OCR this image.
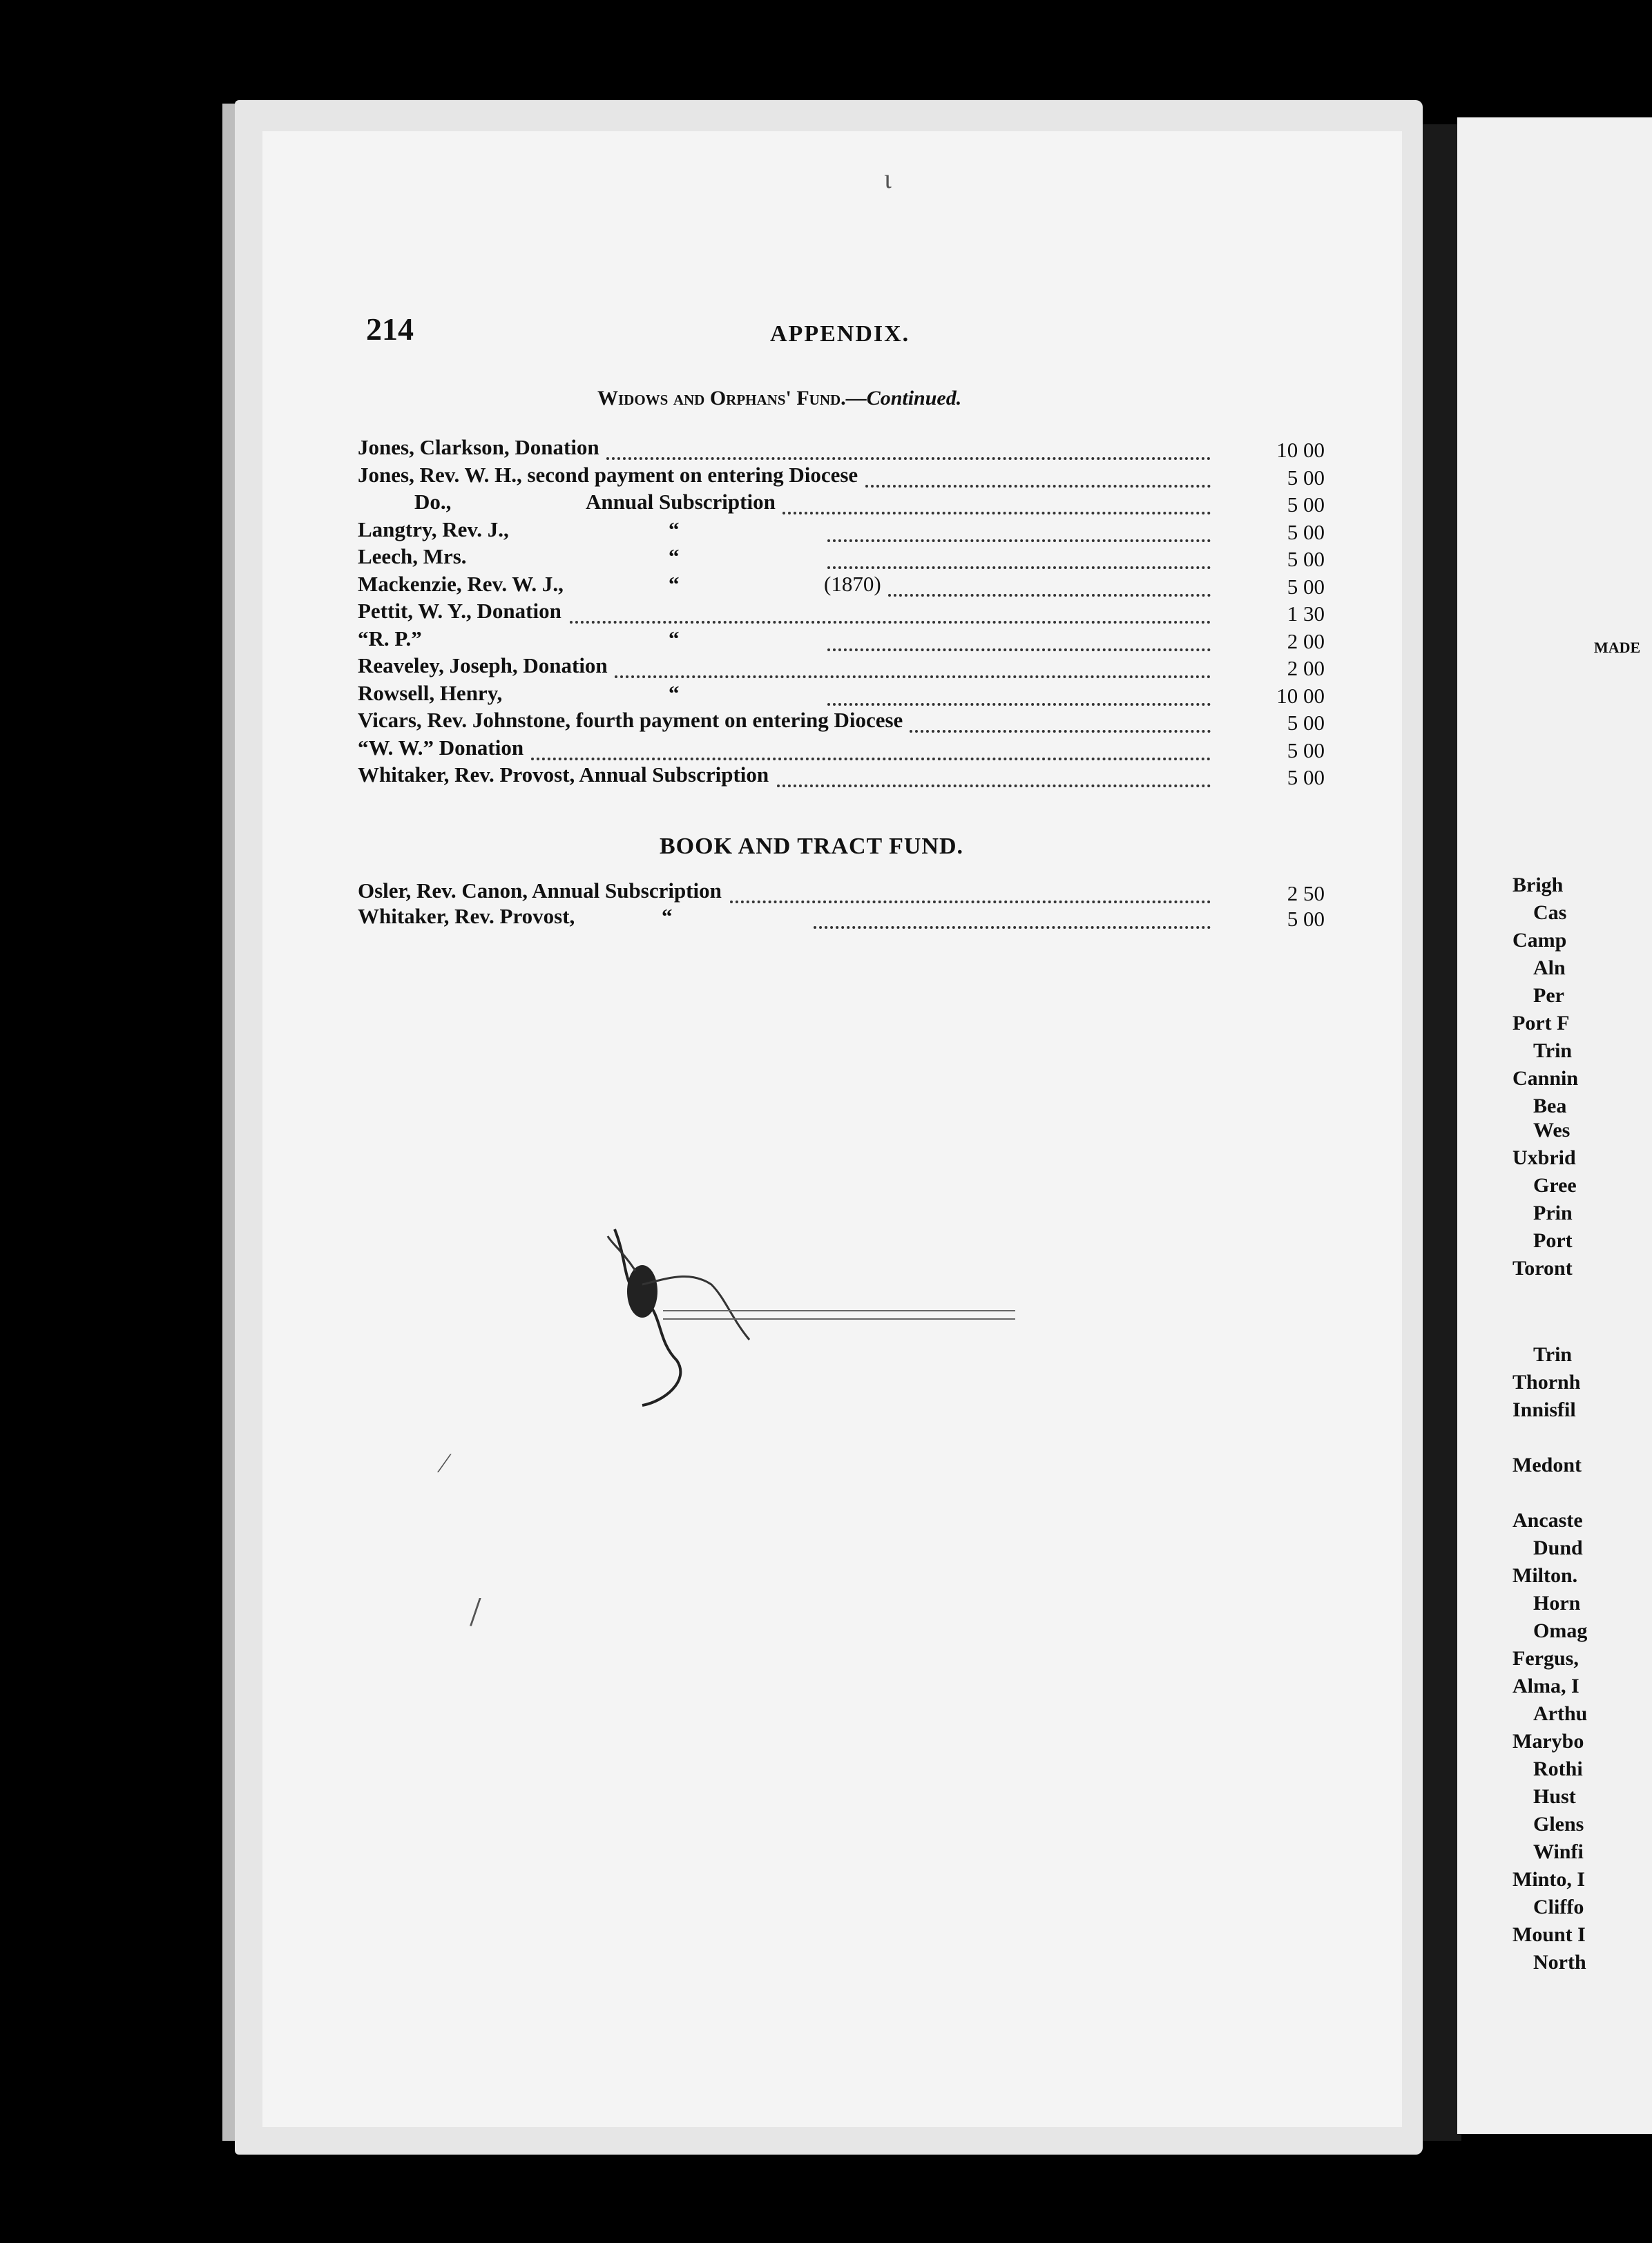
214	APPENDIX.
Widows and Orphans' Fund.—Continued.
Jones, Clarkson, Donation	10 00
Jones, Rev. W. H., second payment on entering Diocese	5 00
Do.,	Annual Subscription	5 00
Langtry, Rev. J.,	“	5 00
Leech, Mrs.	“	5 00
Mackenzie, Rev. W. J.,	“	(1870)	5 00
Pettit, W. Y., Donation	1 30
“R. P.”	“	2 00
Reaveley, Joseph, Donation	2 00
Rowsell, Henry,	“	10 00
Vicars, Rev. Johnstone, fourth payment on entering Diocese	5 00
“W. W.” Donation	5 00
Whitaker, Rev. Provost, Annual Subscription	5 00
BOOK AND TRACT FUND.
Osler, Rev. Canon, Annual Subscription	2 50
Whitaker, Rev. Provost,	“	5 00
⁄
/
ɩ
MADE
Brigh
Cas
Camp
Aln
Per
Port F
Trin
Cannin
Bea
Wes
Uxbrid
Gree
Prin
Port
Toront
Trin
Thornh
Innisfil
Medont
Ancaste
Dund
Milton.
Horn
Omag
Fergus,
Alma, I
Arthu
Marybo
Rothi
Hust
Glens
Winfi
Minto, I
Cliffo
Mount I
North
